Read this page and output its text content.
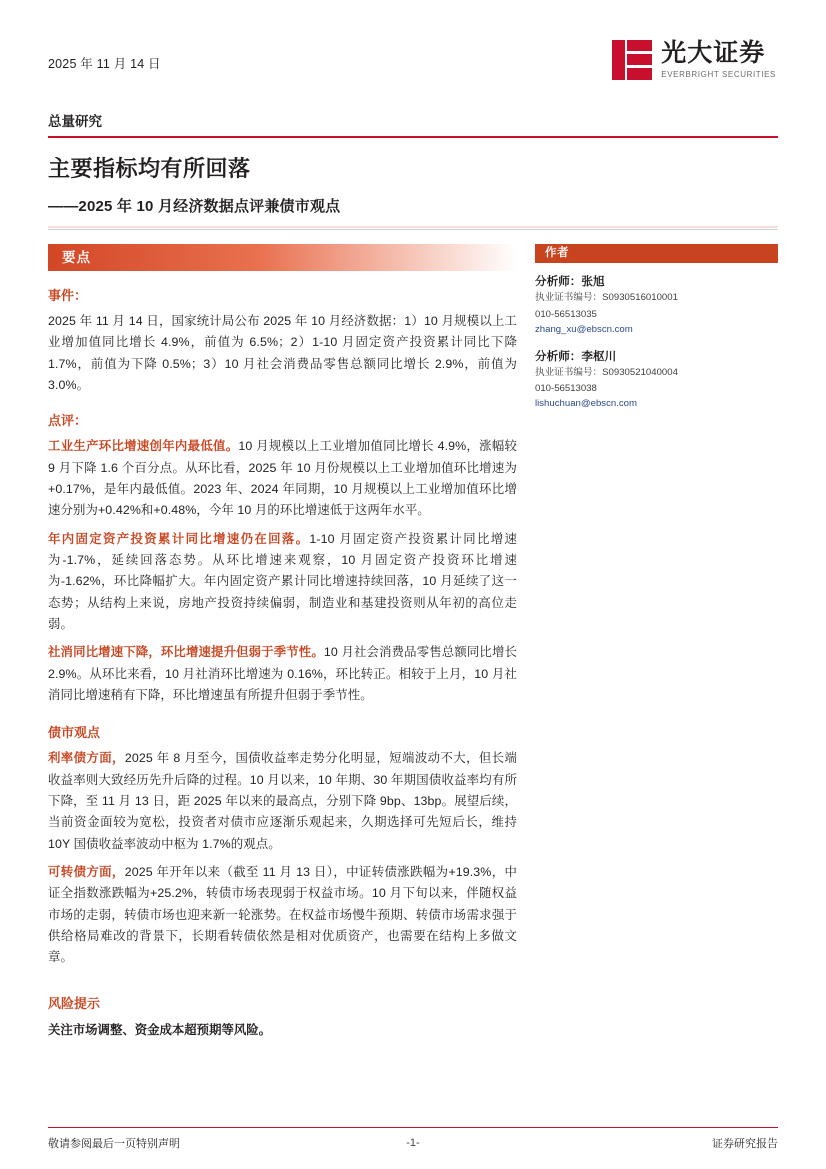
2025 年 11 月 14 日	光大证券
EVERBRIGHT SECURITIES
总量研究
主要指标均有所回落
——2025 年 10 月经济数据点评兼债市观点
要点
事件：

2025 年 11 月 14 日，国家统计局公布 2025 年 10 月经济数据：1）10 月规模以上工业增加值同比增长 4.9%，前值为 6.5%；2）1-10 月固定资产投资累计同比下降 1.7%，前值为下降 0.5%；3）10 月社会消费品零售总额同比增长 2.9%，前值为 3.0%。

点评：

工业生产环比增速创年内最低值。10 月规模以上工业增加值同比增长 4.9%，涨幅较 9 月下降 1.6 个百分点。从环比看，2025 年 10 月份规模以上工业增加值环比增速为+0.17%，是年内最低值。2023 年、2024 年同期，10 月规模以上工业增加值环比增速分别为+0.42%和+0.48%，今年 10 月的环比增速低于这两年水平。

年内固定资产投资累计同比增速仍在回落。1-10 月固定资产投资累计同比增速为-1.7%，延续回落态势。从环比增速来观察，10 月固定资产投资环比增速为-1.62%，环比降幅扩大。年内固定资产累计同比增速持续回落，10 月延续了这一态势；从结构上来说，房地产投资持续偏弱，制造业和基建投资则从年初的高位走弱。

社消同比增速下降，环比增速提升但弱于季节性。10 月社会消费品零售总额同比增长 2.9%。从环比来看，10 月社消环比增速为 0.16%，环比转正。相较于上月，10 月社消同比增速稍有下降，环比增速虽有所提升但弱于季节性。

债市观点

利率债方面，2025 年 8 月至今，国债收益率走势分化明显，短端波动不大，但长端收益率则大致经历先升后降的过程。10 月以来，10 年期、30 年期国债收益率均有所下降，至 11 月 13 日，距 2025 年以来的最高点，分别下降 9bp、13bp。展望后续，当前资金面较为宽松，投资者对债市应逐渐乐观起来，久期选择可先短后长，维持 10Y 国债收益率波动中枢为 1.7%的观点。

可转债方面，2025 年开年以来（截至 11 月 13 日），中证转债涨跌幅为+19.3%，中证全指数涨跌幅为+25.2%，转债市场表现弱于权益市场。10 月下旬以来，伴随权益市场的走弱，转债市场也迎来新一轮涨势。在权益市场慢牛预期、转债市场需求强于供给格局难改的背景下，长期看转债依然是相对优质资产，也需要在结构上多做文章。

风险提示
关注市场调整、资金成本超预期等风险。
作者
分析师：张旭
执业证书编号：S0930516010001
010-56513035
zhang_xu@ebscn.com
分析师：李枢川
执业证书编号：S0930521040004
010-56513038
lishuchuan@ebscn.com
敬请参阅最后一页特别声明	-1-	证券研究报告
